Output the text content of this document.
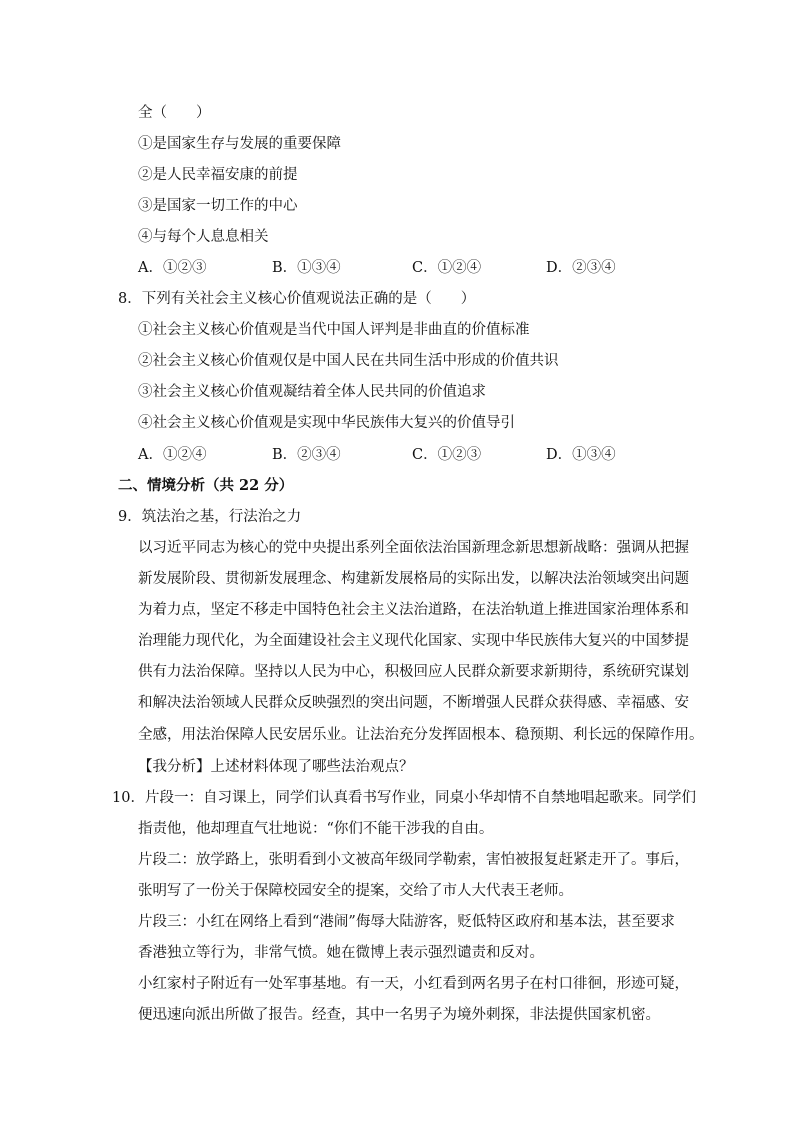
全（　　）
①是国家生存与发展的重要保障
②是人民幸福安康的前提
③是国家一切工作的中心
④与每个人息息相关
A．①②③	B．①③④	C．①②④	D．②③④
8．下列有关社会主义核心价值观说法正确的是（　　）
①社会主义核心价值观是当代中国人评判是非曲直的价值标准
②社会主义核心价值观仅是中国人民在共同生活中形成的价值共识
③社会主义核心价值观凝结着全体人民共同的价值追求
④社会主义核心价值观是实现中华民族伟大复兴的价值导引
A．①②④	B．②③④	C．①②③	D．①③④
二、情境分析（共 22 分）
9．筑法治之基，行法治之力
以习近平同志为核心的党中央提出系列全面依法治国新理念新思想新战略：强调从把握
新发展阶段、贯彻新发展理念、构建新发展格局的实际出发，以解决法治领域突出问题
为着力点，坚定不移走中国特色社会主义法治道路，在法治轨道上推进国家治理体系和
治理能力现代化，为全面建设社会主义现代化国家、实现中华民族伟大复兴的中国梦提
供有力法治保障。坚持以人民为中心，积极回应人民群众新要求新期待，系统研究谋划
和解决法治领域人民群众反映强烈的突出问题，不断增强人民群众获得感、幸福感、安
全感，用法治保障人民安居乐业。让法治充分发挥固根本、稳预期、利长远的保障作用。
【我分析】上述材料体现了哪些法治观点？
10．片段一：自习课上，同学们认真看书写作业，同桌小华却情不自禁地唱起歌来。同学们
指责他，他却理直气壮地说：“你们不能干涉我的自由。
片段二：放学路上，张明看到小文被高年级同学勒索，害怕被报复赶紧走开了。事后，
张明写了一份关于保障校园安全的提案，交给了市人大代表王老师。
片段三：小红在网络上看到“港闹”侮辱大陆游客，贬低特区政府和基本法，甚至要求
香港独立等行为，非常气愤。她在微博上表示强烈谴责和反对。
小红家村子附近有一处军事基地。有一天，小红看到两名男子在村口徘徊，形迹可疑，
便迅速向派出所做了报告。经查，其中一名男子为境外刺探，非法提供国家机密。
